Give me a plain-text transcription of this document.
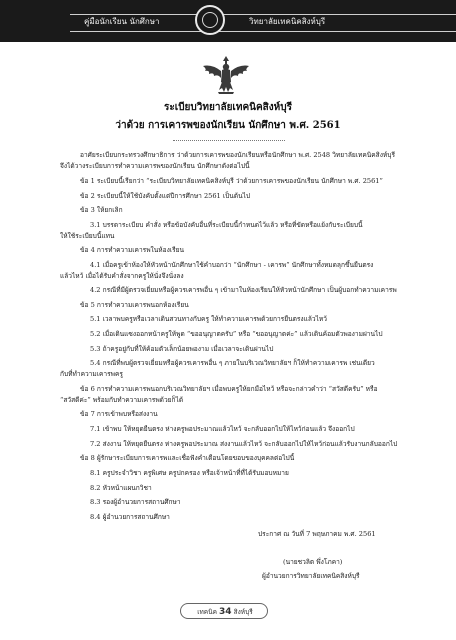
คู่มือนักเรียน นักศึกษา	วิทยาลัยเทคนิคสิงห์บุรี
ระเบียบวิทยาลัยเทคนิคสิงห์บุรี
ว่าด้วย การเคารพของนักเรียน นักศึกษา พ.ศ. 2561
อาศัยระเบียบกระทรวงศึกษาธิการ ว่าด้วยการเคารพของนักเรียนหรือนักศึกษา พ.ศ. 2548 วิทยาลัยเทคนิคสิงห์บุรี
จึงได้วางระเบียบการทำความเคารพของนักเรียน นักศึกษาดังต่อไปนี้
ข้อ 1 ระเบียบนี้เรียกว่า “ระเบียบวิทยาลัยเทคนิคสิงห์บุรี ว่าด้วยการเคารพของนักเรียน นักศึกษา พ.ศ. 2561”
ข้อ 2 ระเบียบนี้ให้ใช้บังคับตั้งแต่ปีการศึกษา 2561 เป็นต้นไป
ข้อ 3 ให้ยกเลิก
3.1 บรรดาระเบียบ คำสั่ง หรือข้อบังคับอื่นที่ระเบียบนี้กำหนดไว้แล้ว หรือที่ขัดหรือแย้งกับระเบียบนี้
ให้ใช้ระเบียบนี้แทน
ข้อ 4 การทำความเคารพในห้องเรียน
4.1 เมื่อครูเข้าห้องให้หัวหน้านักศึกษาใช้คำบอกว่า “นักศึกษา - เคารพ” นักศึกษาทั้งหมดลุกขึ้นยืนตรง
แล้วไหว้ เมื่อได้รับคำสั่งจากครูให้นั่งจึงนั่งลง
4.2 กรณีที่มีผู้ตรวจเยี่ยมหรือผู้ควรเคารพอื่น ๆ เข้ามาในห้องเรียนให้หัวหน้านักศึกษา เป็นผู้บอกทำความเคารพ
ข้อ 5 การทำความเคารพนอกห้องเรียน
5.1 เวลาพบครูหรือเวลาเดินสวนทางกับครู ให้ทำความเคารพด้วยการยืนตรงแล้วไหว้
5.2 เมื่อเดินแซงออกหน้าครูให้พูด “ขออนุญาตครับ” หรือ “ขออนุญาตค่ะ” แล้วเดินค้อมตัวพองามผ่านไป
5.3 ถ้าครูอยู่กับที่ให้ค้อมตัวเล็กน้อยพองาม เมื่อเวลาจะเดินผ่านไป
5.4 กรณีที่พบผู้ตรวจเยี่ยมหรือผู้ควรเคารพอื่น ๆ ภายในบริเวณวิทยาลัยฯ ก็ให้ทำความเคารพ เช่นเดียว
กับที่ทำความเคารพครู
ข้อ 6 การทำความเคารพนอกบริเวณวิทยาลัยฯ เมื่อพบครูให้ยกมือไหว้ หรือจะกล่าวคำว่า “สวัสดีครับ” หรือ
“สวัสดีค่ะ” พร้อมกับทำความเคารพด้วยก็ได้
ข้อ 7 การเข้าพบหรือส่งงาน
7.1 เข้าพบ ให้หยุดยืนตรง ห่างครูพอประมาณแล้วไหว้ จะกลับออกไปให้ไหว้ก่อนแล้ว จึงออกไป
7.2 ส่งงาน ให้หยุดยืนตรง ห่างครูพอประมาณ ส่งงานแล้วไหว้ จะกลับออกไปให้ไหว้ก่อนแล้วรับงานกลับออกไป
ข้อ 8 ผู้รักษาระเบียบการเคารพและเชื่อฟังคำเตือนโดยขอบของบุคคลต่อไปนี้
8.1 ครูประจำวิชา ครูพิเศษ ครูปกครอง หรือเจ้าหน้าที่ที่ได้รับมอบหมาย
8.2 หัวหน้าแผนกวิชา
8.3 รองผู้อำนวยการสถานศึกษา
8.4 ผู้อำนวยการสถานศึกษา
ประกาศ ณ วันที่ 7 พฤษภาคม พ.ศ. 2561
(นายชวลิต พึ่งโภคา)
ผู้อำนวยการวิทยาลัยเทคนิคสิงห์บุรี
เทคนิค 34 สิงห์บุรี
